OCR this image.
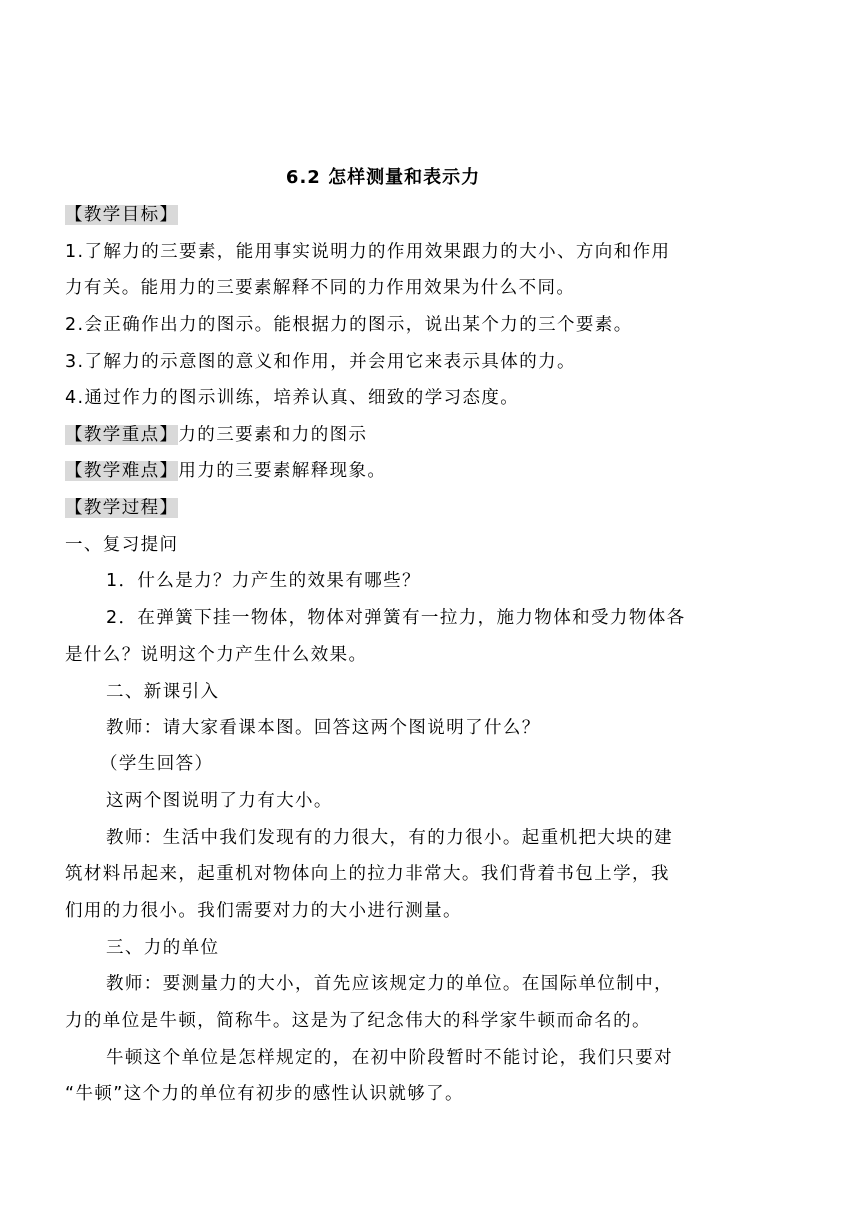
6.2 怎样测量和表示力
【教学目标】
1.了解力的三要素，能用事实说明力的作用效果跟力的大小、方向和作用
力有关。能用力的三要素解释不同的力作用效果为什么不同。
2.会正确作出力的图示。能根据力的图示，说出某个力的三个要素。
3.了解力的示意图的意义和作用，并会用它来表示具体的力。
4.通过作力的图示训练，培养认真、细致的学习态度。
【教学重点】力的三要素和力的图示
【教学难点】用力的三要素解释现象。
【教学过程】
一、复习提问
1．什么是力？力产生的效果有哪些？
2．在弹簧下挂一物体，物体对弹簧有一拉力，施力物体和受力物体各
是什么？说明这个力产生什么效果。
二、新课引入
教师：请大家看课本图。回答这两个图说明了什么？
（学生回答）
这两个图说明了力有大小。
教师：生活中我们发现有的力很大，有的力很小。起重机把大块的建
筑材料吊起来，起重机对物体向上的拉力非常大。我们背着书包上学，我
们用的力很小。我们需要对力的大小进行测量。
三、力的单位
教师：要测量力的大小，首先应该规定力的单位。在国际单位制中，
力的单位是牛顿，简称牛。这是为了纪念伟大的科学家牛顿而命名的。
牛顿这个单位是怎样规定的，在初中阶段暂时不能讨论，我们只要对
“牛顿”这个力的单位有初步的感性认识就够了。
